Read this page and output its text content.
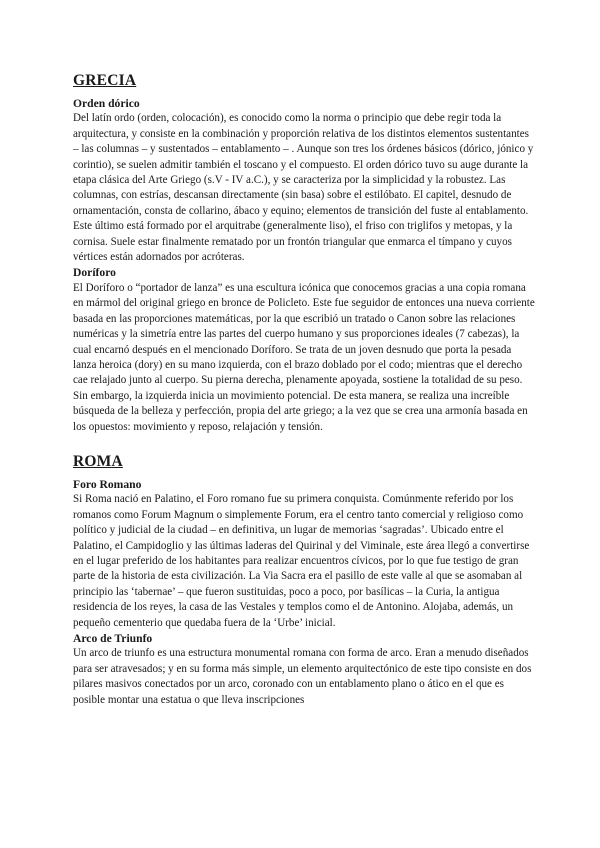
GRECIA
Orden dórico

Del latín ordo (orden, colocación), es conocido como la norma o principio que debe regir toda la arquitectura, y consiste en la combinación y proporción relativa de los distintos elementos sustentantes – las columnas – y sustentados – entablamento – . Aunque son tres los órdenes básicos (dórico, jónico y corintio), se suelen admitir también el toscano y el compuesto. El orden dórico tuvo su auge durante la etapa clásica del Arte Griego (s.V - IV a.C.), y se caracteriza por la simplicidad y la robustez. Las columnas, con estrías, descansan directamente (sin basa) sobre el estilóbato. El capitel, desnudo de ornamentación, consta de collarino, ábaco y equino; elementos de transición del fuste al entablamento. Este último está formado por el arquitrabe (generalmente liso), el friso con triglifos y metopas, y la cornisa. Suele estar finalmente rematado por un frontón triangular que enmarca el tímpano y cuyos vértices están adornados por acróteras.

Doríforo

El Doríforo o “portador de lanza” es una escultura icónica que conocemos gracias a una copia romana en mármol del original griego en bronce de Policleto. Este fue seguidor de entonces una nueva corriente basada en las proporciones matemáticas, por la que escribió un tratado o Canon sobre las relaciones numéricas y la simetría entre las partes del cuerpo humano y sus proporciones ideales (7 cabezas), la cual encarnó después en el mencionado Doríforo. Se trata de un joven desnudo que porta la pesada lanza heroica (dory) en su mano izquierda, con el brazo doblado por el codo; mientras que el derecho cae relajado junto al cuerpo. Su pierna derecha, plenamente apoyada, sostiene la totalidad de su peso. Sin embargo, la izquierda inicia un movimiento potencial. De esta manera, se realiza una increíble búsqueda de la belleza y perfección, propia del arte griego; a la vez que se crea una armonía basada en los opuestos: movimiento y reposo, relajación y tensión.

ROMA
Foro Romano

Si Roma nació en Palatino, el Foro romano fue su primera conquista. Comúnmente referido por los romanos como Forum Magnum o simplemente Forum, era el centro tanto comercial y religioso como político y judicial de la ciudad – en definitiva, un lugar de memorias ‘sagradas’. Ubicado entre el Palatino, el Campidoglio y las últimas laderas del Quirinal y del Viminale, este área llegó a convertirse en el lugar preferido de los habitantes para realizar encuentros cívicos, por lo que fue testigo de gran parte de la historia de esta civilización. La Via Sacra era el pasillo de este valle al que se asomaban al principio las ‘tabernae’ – que fueron sustituidas, poco a poco, por basílicas – la Curia, la antigua residencia de los reyes, la casa de las Vestales y templos como el de Antonino. Alojaba, además, un pequeño cementerio que quedaba fuera de la ‘Urbe’ inicial.

Arco de Triunfo

Un arco de triunfo es una estructura monumental romana con forma de arco. Eran a menudo diseñados para ser atravesados; y en su forma más simple, un elemento arquitectónico de este tipo consiste en dos pilares masivos conectados por un arco, coronado con un entablamento plano o ático en el que es posible montar una estatua o que lleva inscripciones
